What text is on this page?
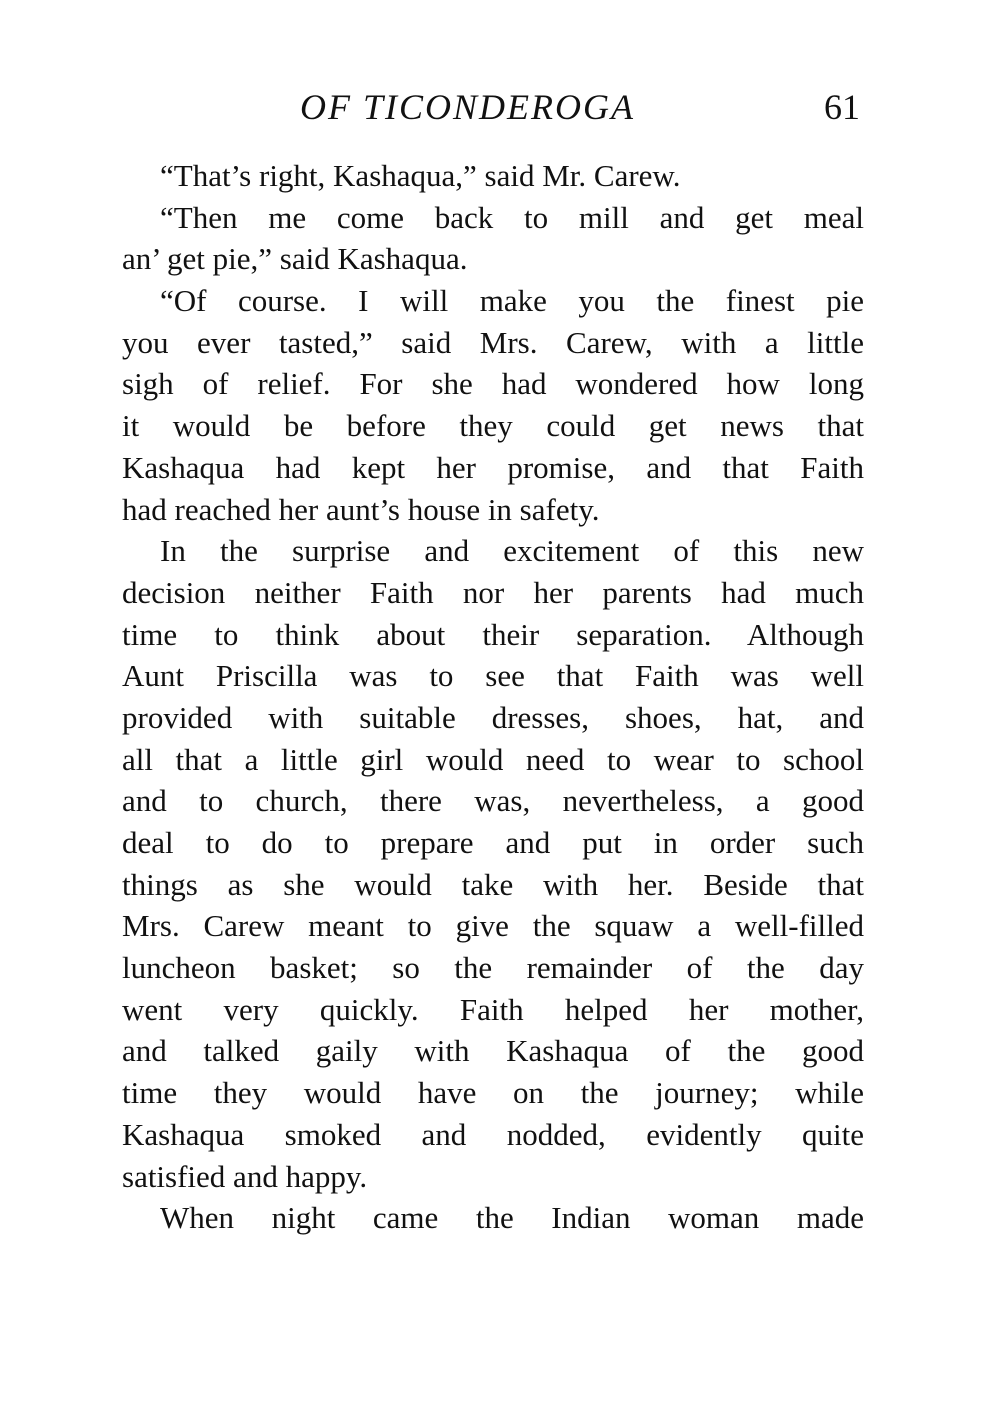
OF TICONDEROGA	61
“That’s right, Kashaqua,” said Mr. Carew.
“Then me come back to mill and get meal
an’ get pie,” said Kashaqua.
“Of course. I will make you the finest pie
you ever tasted,” said Mrs. Carew, with a little
sigh of relief. For she had wondered how long
it would be before they could get news that
Kashaqua had kept her promise, and that Faith
had reached her aunt’s house in safety.
In the surprise and excitement of this new
decision neither Faith nor her parents had much
time to think about their separation. Although
Aunt Priscilla was to see that Faith was well
provided with suitable dresses, shoes, hat, and
all that a little girl would need to wear to school
and to church, there was, nevertheless, a good
deal to do to prepare and put in order such
things as she would take with her. Beside that
Mrs. Carew meant to give the squaw a well-filled
luncheon basket; so the remainder of the day
went very quickly. Faith helped her mother,
and talked gaily with Kashaqua of the good
time they would have on the journey; while
Kashaqua smoked and nodded, evidently quite
satisfied and happy.
When night came the Indian woman made
